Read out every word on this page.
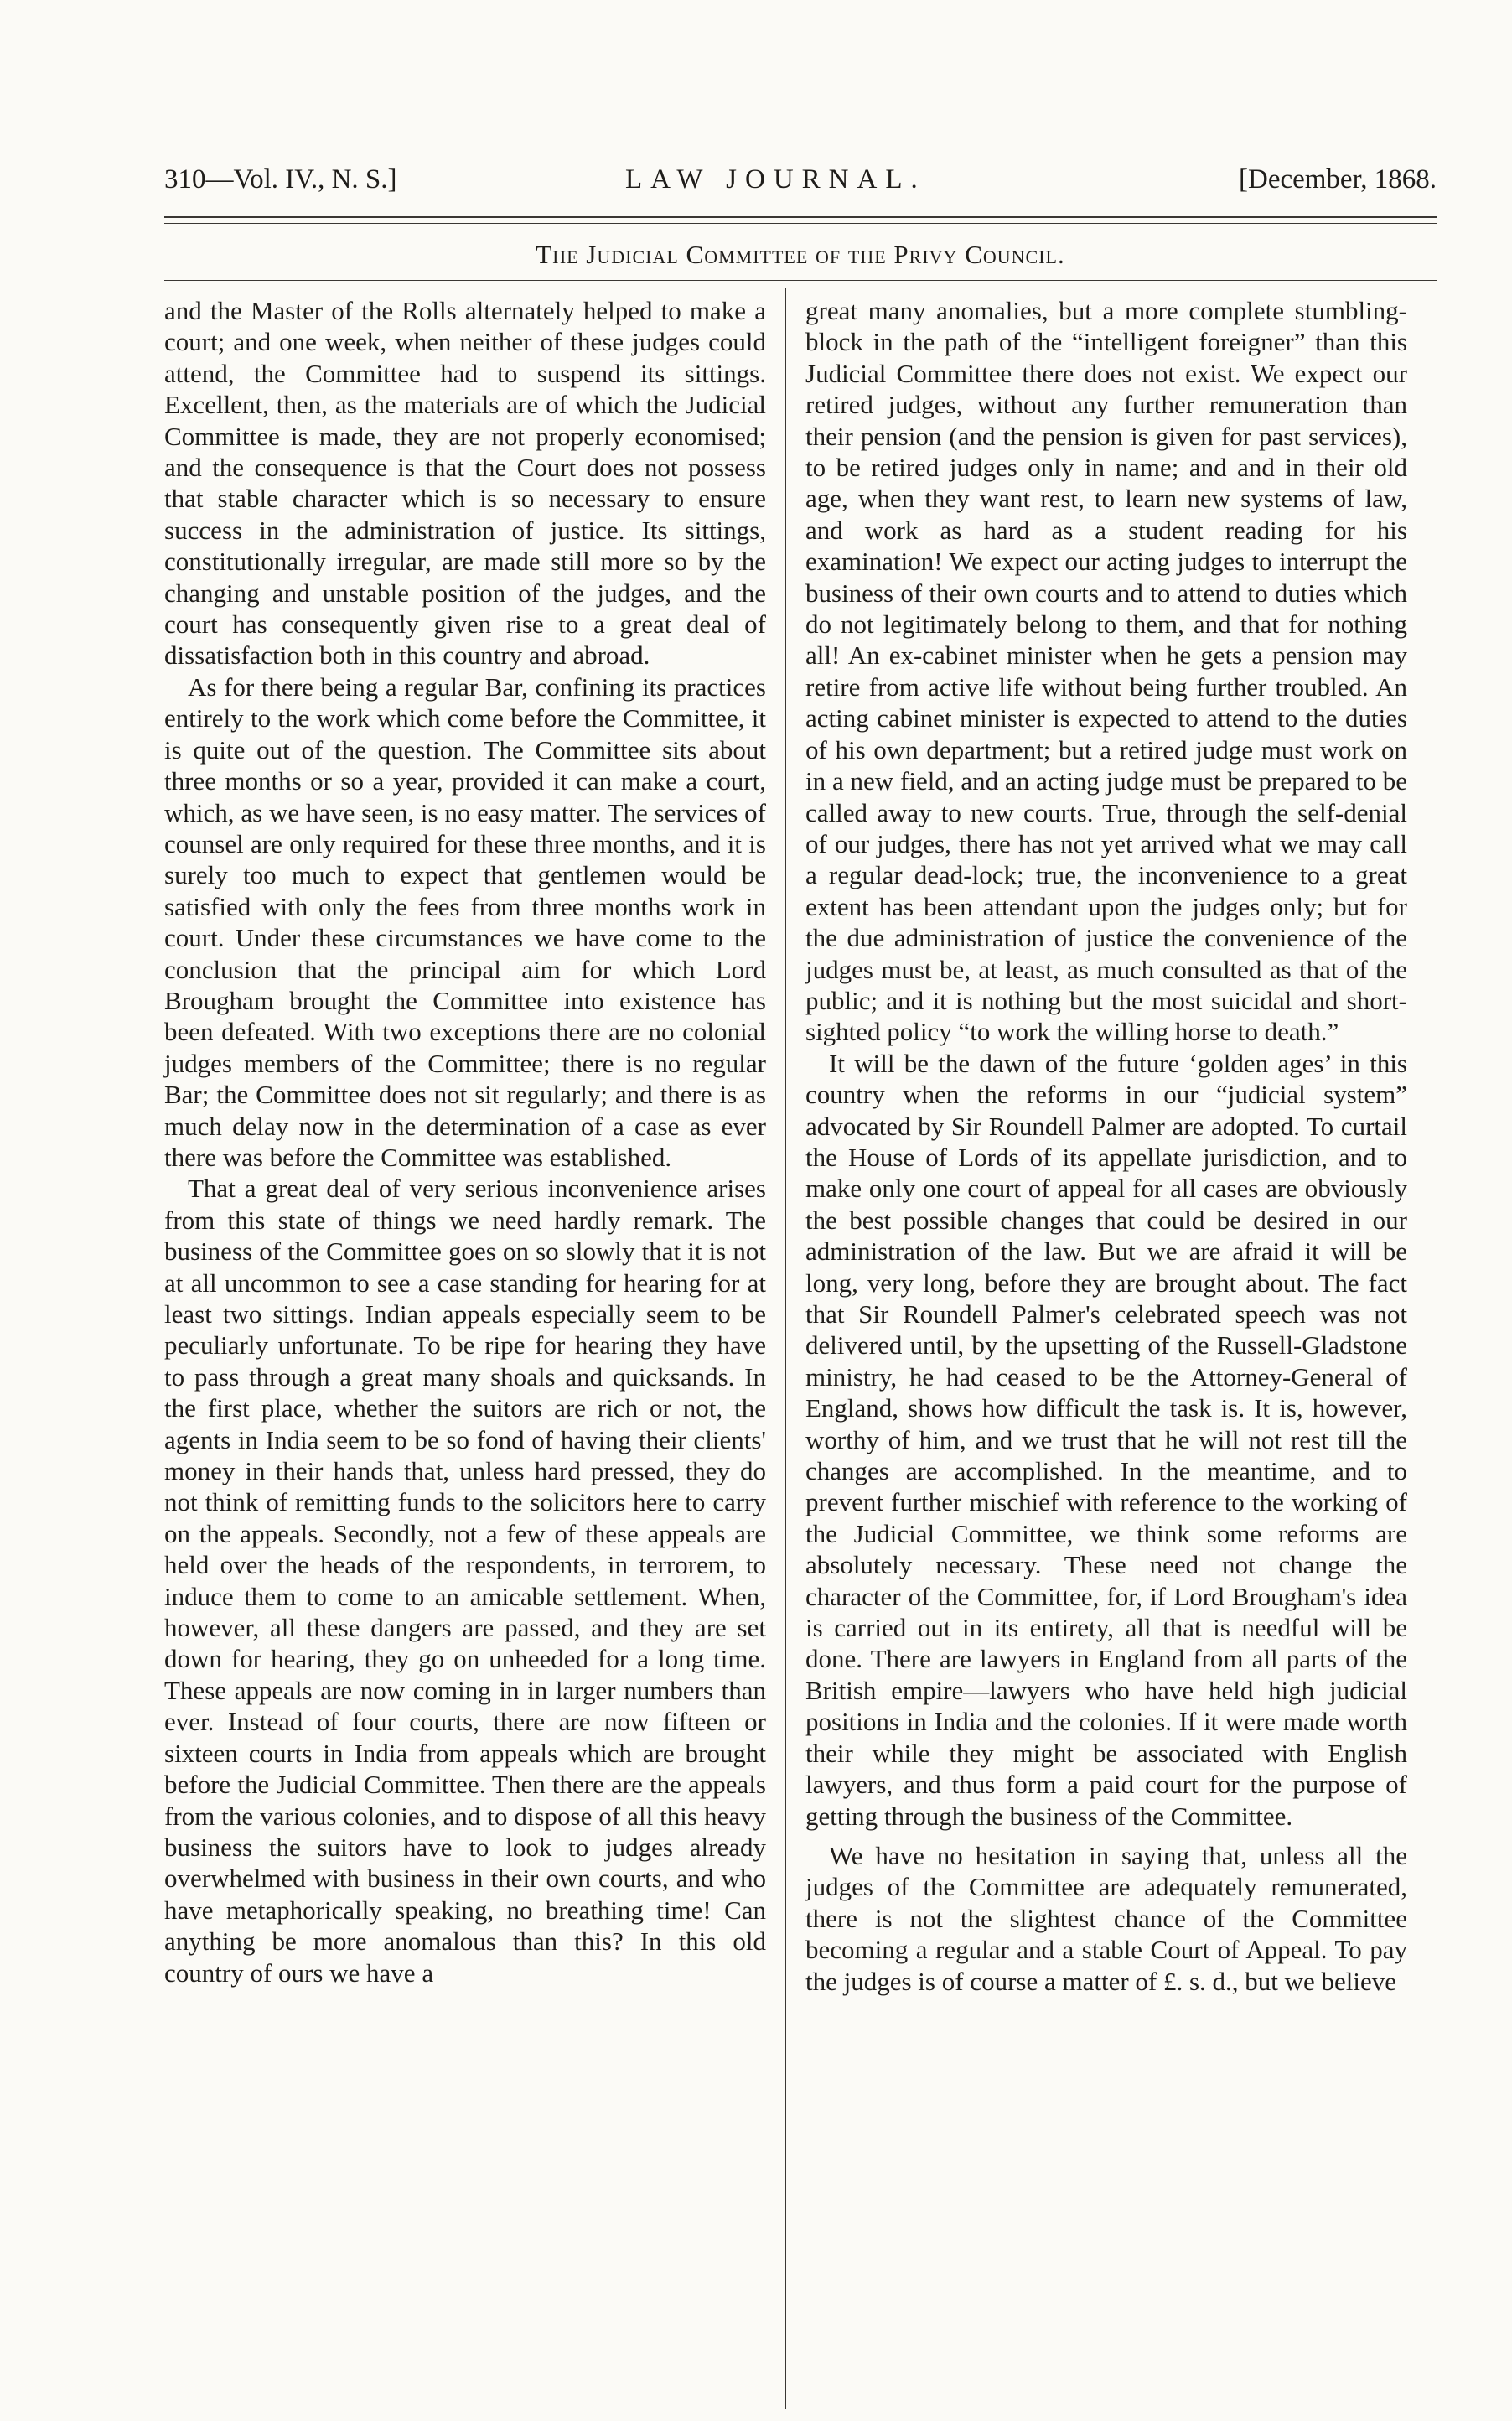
310—Vol. IV., N. S.]	LAW JOURNAL.	[December, 1868.
The Judicial Committee of the Privy Council.

and the Master of the Rolls alternately helped to make a court; and one week, when neither of these judges could attend, the Committee had to suspend its sittings. Excellent, then, as the materials are of which the Judicial Committee is made, they are not properly economised; and the consequence is that the Court does not possess that stable character which is so necessary to ensure success in the administration of justice. Its sittings, constitutionally irregular, are made still more so by the changing and unstable position of the judges, and the court has consequently given rise to a great deal of dissatisfaction both in this country and abroad.

As for there being a regular Bar, confining its practices entirely to the work which come before the Committee, it is quite out of the question. The Committee sits about three months or so a year, provided it can make a court, which, as we have seen, is no easy matter. The services of counsel are only required for these three months, and it is surely too much to expect that gentlemen would be satisfied with only the fees from three months work in court. Under these circumstances we have come to the conclusion that the principal aim for which Lord Brougham brought the Committee into existence has been defeated. With two exceptions there are no colonial judges members of the Committee; there is no regular Bar; the Committee does not sit regularly; and there is as much delay now in the determination of a case as ever there was before the Committee was established.

That a great deal of very serious inconvenience arises from this state of things we need hardly remark. The business of the Committee goes on so slowly that it is not at all uncommon to see a case standing for hearing for at least two sittings. Indian appeals especially seem to be peculiarly unfortunate. To be ripe for hearing they have to pass through a great many shoals and quicksands. In the first place, whether the suitors are rich or not, the agents in India seem to be so fond of having their clients' money in their hands that, unless hard pressed, they do not think of remitting funds to the solicitors here to carry on the appeals. Secondly, not a few of these appeals are held over the heads of the respondents, in terrorem, to induce them to come to an amicable settlement. When, however, all these dangers are passed, and they are set down for hearing, they go on unheeded for a long time. These appeals are now coming in in larger numbers than ever. Instead of four courts, there are now fifteen or sixteen courts in India from appeals which are brought before the Judicial Committee. Then there are the appeals from the various colonies, and to dispose of all this heavy business the suitors have to look to judges already overwhelmed with business in their own courts, and who have metaphorically speaking, no breathing time! Can anything be more anomalous than this? In this old country of ours we have a

great many anomalies, but a more complete stumbling-block in the path of the “intelligent foreigner” than this Judicial Committee there does not exist. We expect our retired judges, without any further remuneration than their pension (and the pension is given for past services), to be retired judges only in name; and and in their old age, when they want rest, to learn new systems of law, and work as hard as a student reading for his examination! We expect our acting judges to interrupt the business of their own courts and to attend to duties which do not legitimately belong to them, and that for nothing all! An ex-cabinet minister when he gets a pension may retire from active life without being further troubled. An acting cabinet minister is expected to attend to the duties of his own department; but a retired judge must work on in a new field, and an acting judge must be prepared to be called away to new courts. True, through the self-denial of our judges, there has not yet arrived what we may call a regular dead-lock; true, the inconvenience to a great extent has been attendant upon the judges only; but for the due administration of justice the convenience of the judges must be, at least, as much consulted as that of the public; and it is nothing but the most suicidal and short-sighted policy “to work the willing horse to death.”

It will be the dawn of the future ‘golden ages’ in this country when the reforms in our “judicial system” advocated by Sir Roundell Palmer are adopted. To curtail the House of Lords of its appellate jurisdiction, and to make only one court of appeal for all cases are obviously the best possible changes that could be desired in our administration of the law. But we are afraid it will be long, very long, before they are brought about. The fact that Sir Roundell Palmer's celebrated speech was not delivered until, by the upsetting of the Russell-Gladstone ministry, he had ceased to be the Attorney-General of England, shows how difficult the task is. It is, however, worthy of him, and we trust that he will not rest till the changes are accomplished. In the meantime, and to prevent further mischief with reference to the working of the Judicial Committee, we think some reforms are absolutely necessary. These need not change the character of the Committee, for, if Lord Brougham's idea is carried out in its entirety, all that is needful will be done. There are lawyers in England from all parts of the British empire—lawyers who have held high judicial positions in India and the colonies. If it were made worth their while they might be associated with English lawyers, and thus form a paid court for the purpose of getting through the business of the Committee.

We have no hesitation in saying that, unless all the judges of the Committee are adequately remunerated, there is not the slightest chance of the Committee becoming a regular and a stable Court of Appeal. To pay the judges is of course a matter of £. s. d., but we believe
